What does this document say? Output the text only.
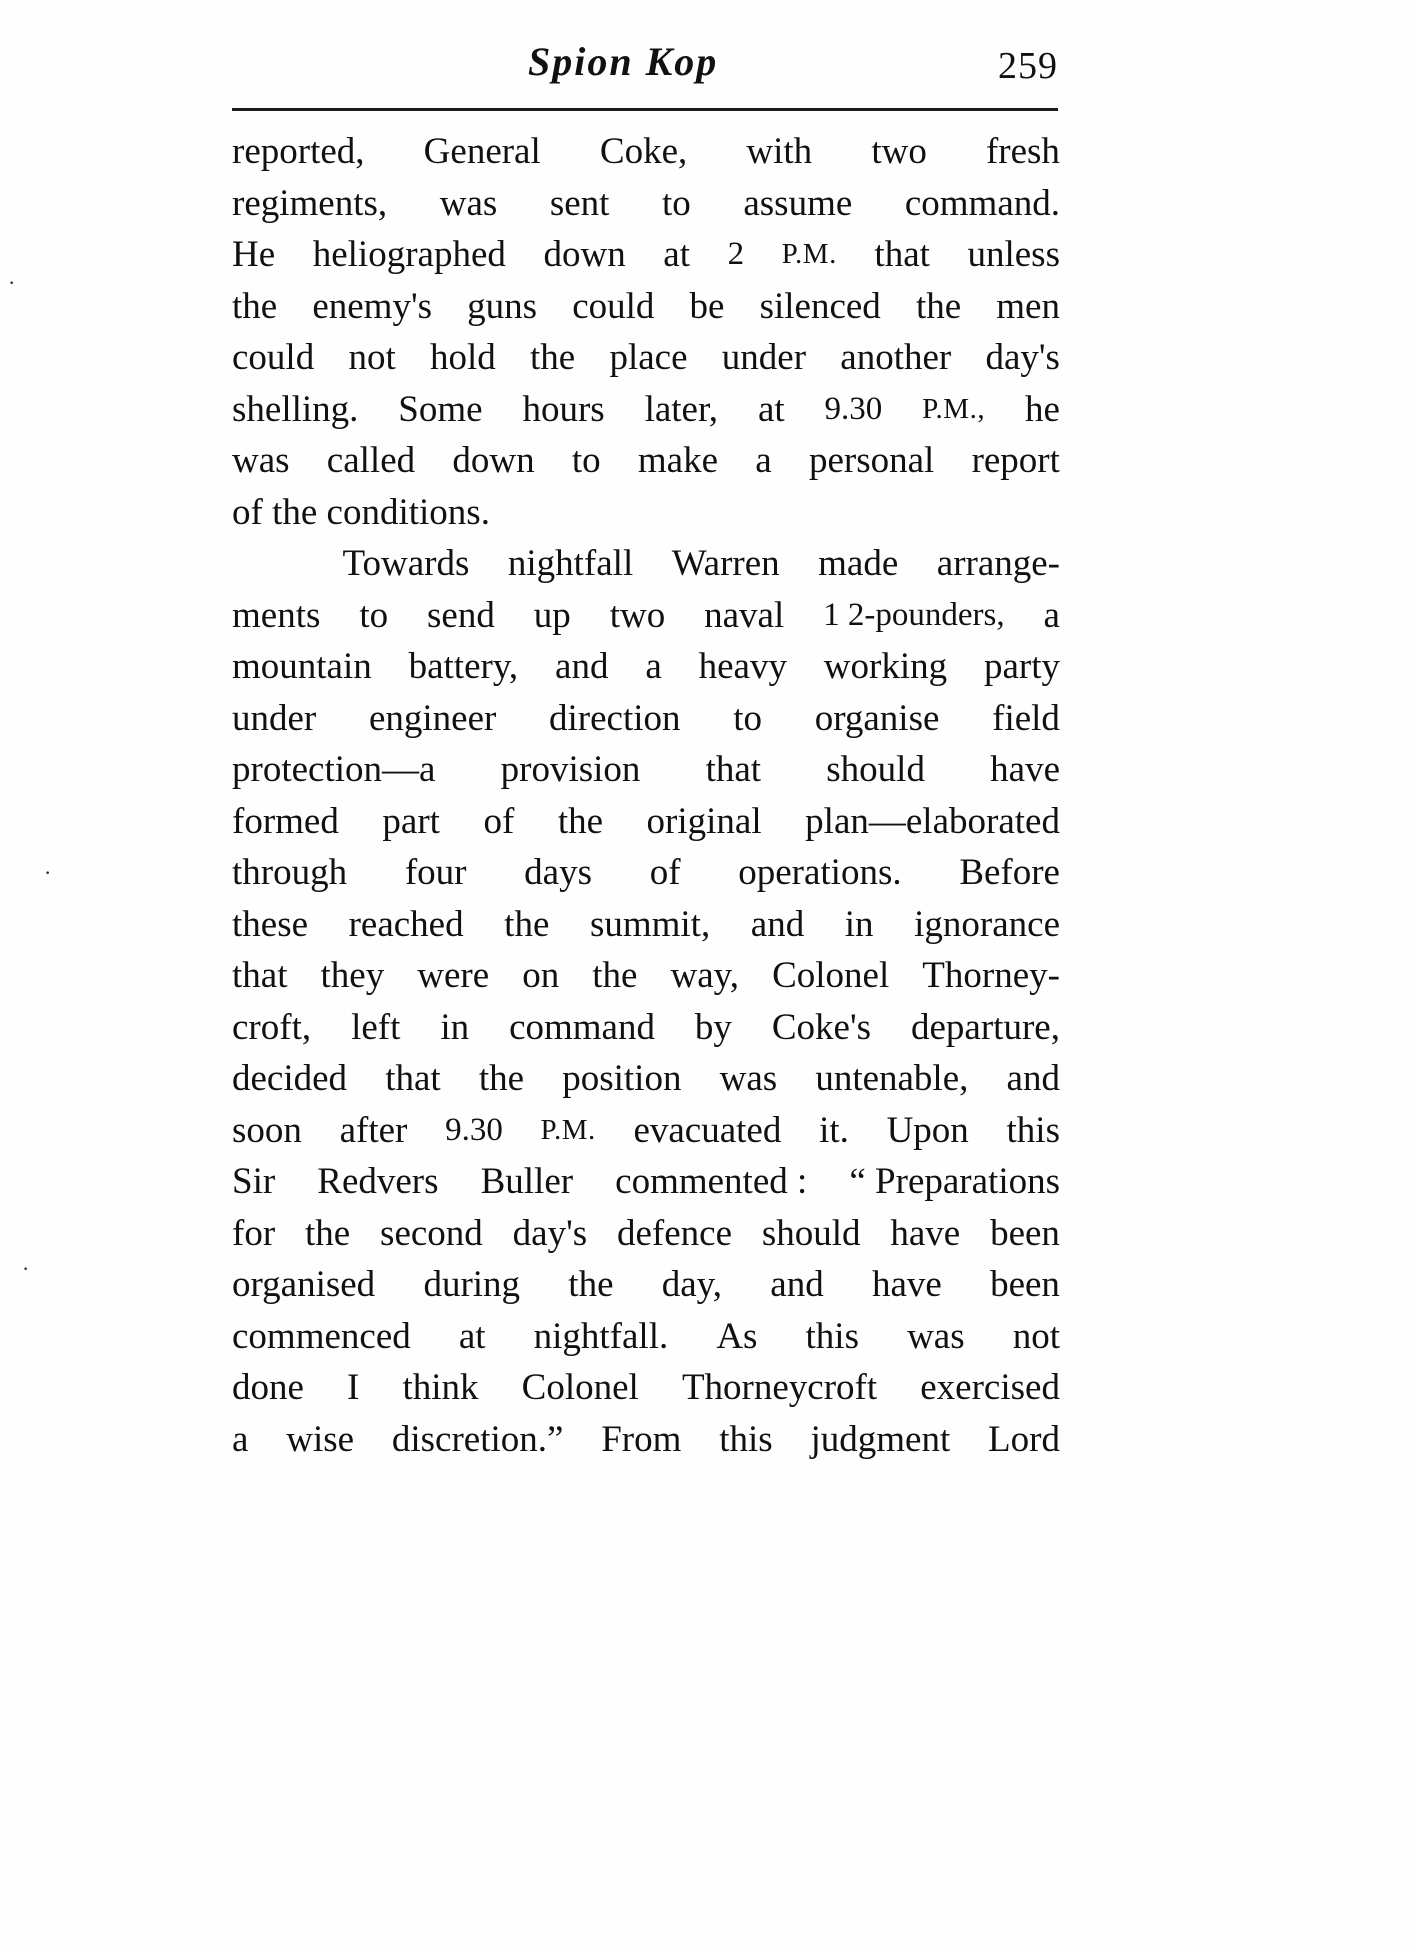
·
·
·
Spion Kop	259
reported, General Coke, with two fresh
regiments, was sent to assume command.
He heliographed down at 2 P.M. that unless
the enemy's guns could be silenced the men
could not hold the place under another day's
shelling. Some hours later, at 9.30 P.M., he
was called down to make a personal report
of
the
conditions.
Towards nightfall Warren made arrange-
ments to send up two naval 1 2-pounders, a
mountain battery, and a heavy working party
under engineer direction to organise field
protection—a provision that should have
formed part of the original plan—elaborated
through four days of operations. Before
these reached the summit, and in ignorance
that they were on the way, Colonel Thorney-
croft, left in command by Coke's departure,
decided that the position was untenable, and
soon after 9.30 P.M. evacuated it. Upon this
Sir Redvers Buller commented : “ Preparations
for the second day's defence should have been
organised during the day, and have been
commenced at nightfall. As this was not
done I think Colonel Thorneycroft exercised
a wise discretion.” From this judgment Lord
